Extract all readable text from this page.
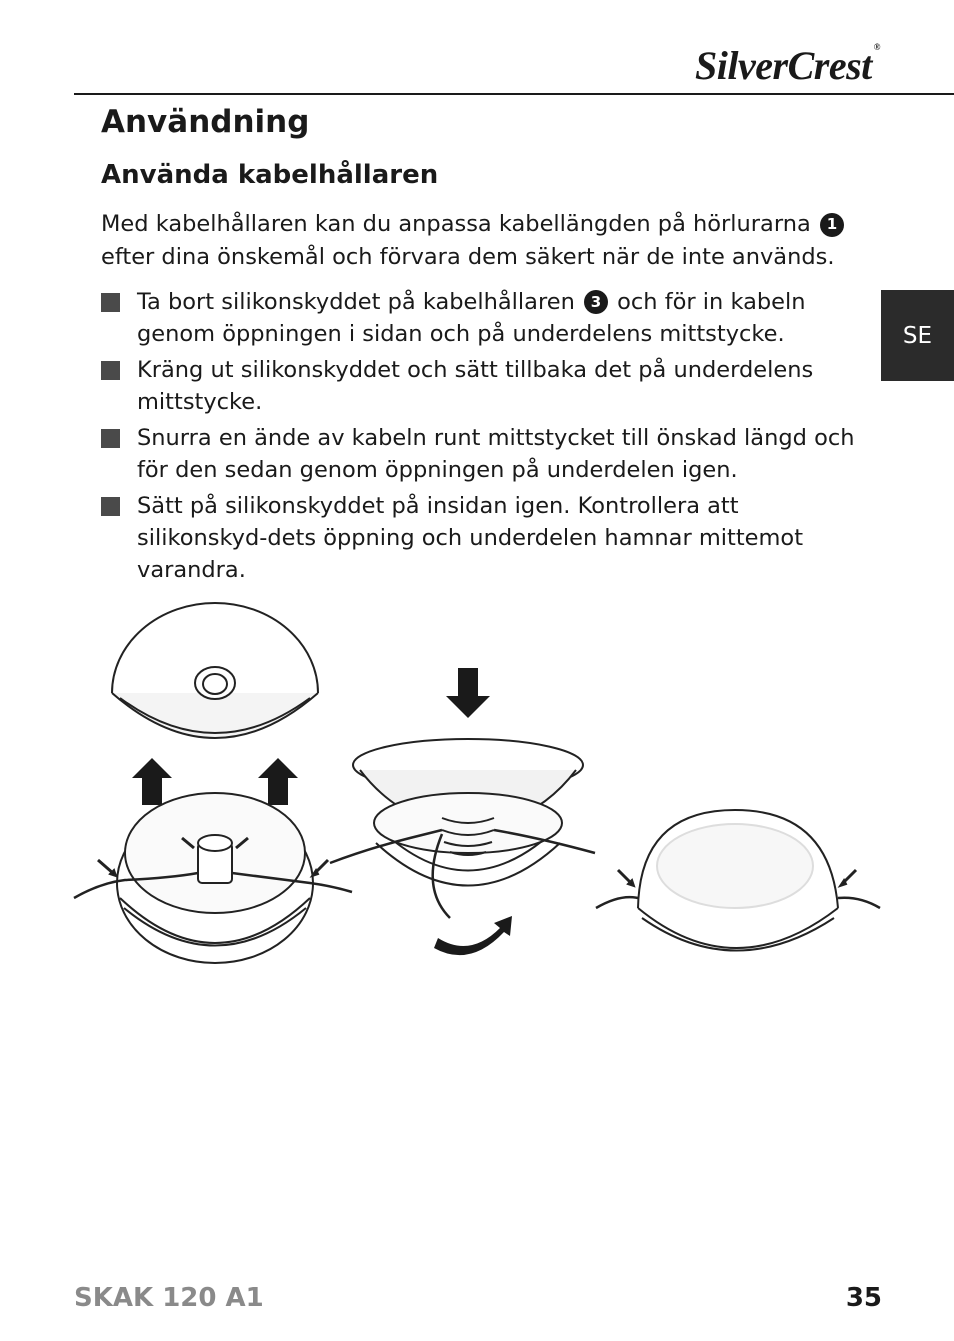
SilverCrest ®
SE
Användning
Använda kabelhållaren

Med kabelhållaren kan du anpassa kabellängden på hörlurarna 1 efter dina önskemål och förvara dem säkert när de inte används.

Ta bort silikonskyddet på kabelhållaren 3 och för in kabeln genom öppningen i sidan och på underdelens mittstycke.
Kräng ut silikonskyddet och sätt tillbaka det på underdelens mittstycke.
Snurra en ände av kabeln runt mittstycket till önskad längd och för den sedan genom öppningen på underdelen igen.
Sätt på silikonskyddet på insidan igen. Kontrollera att silikonskyd-dets öppning och underdelen hamnar mittemot varandra.
SKAK 120 A1	35
